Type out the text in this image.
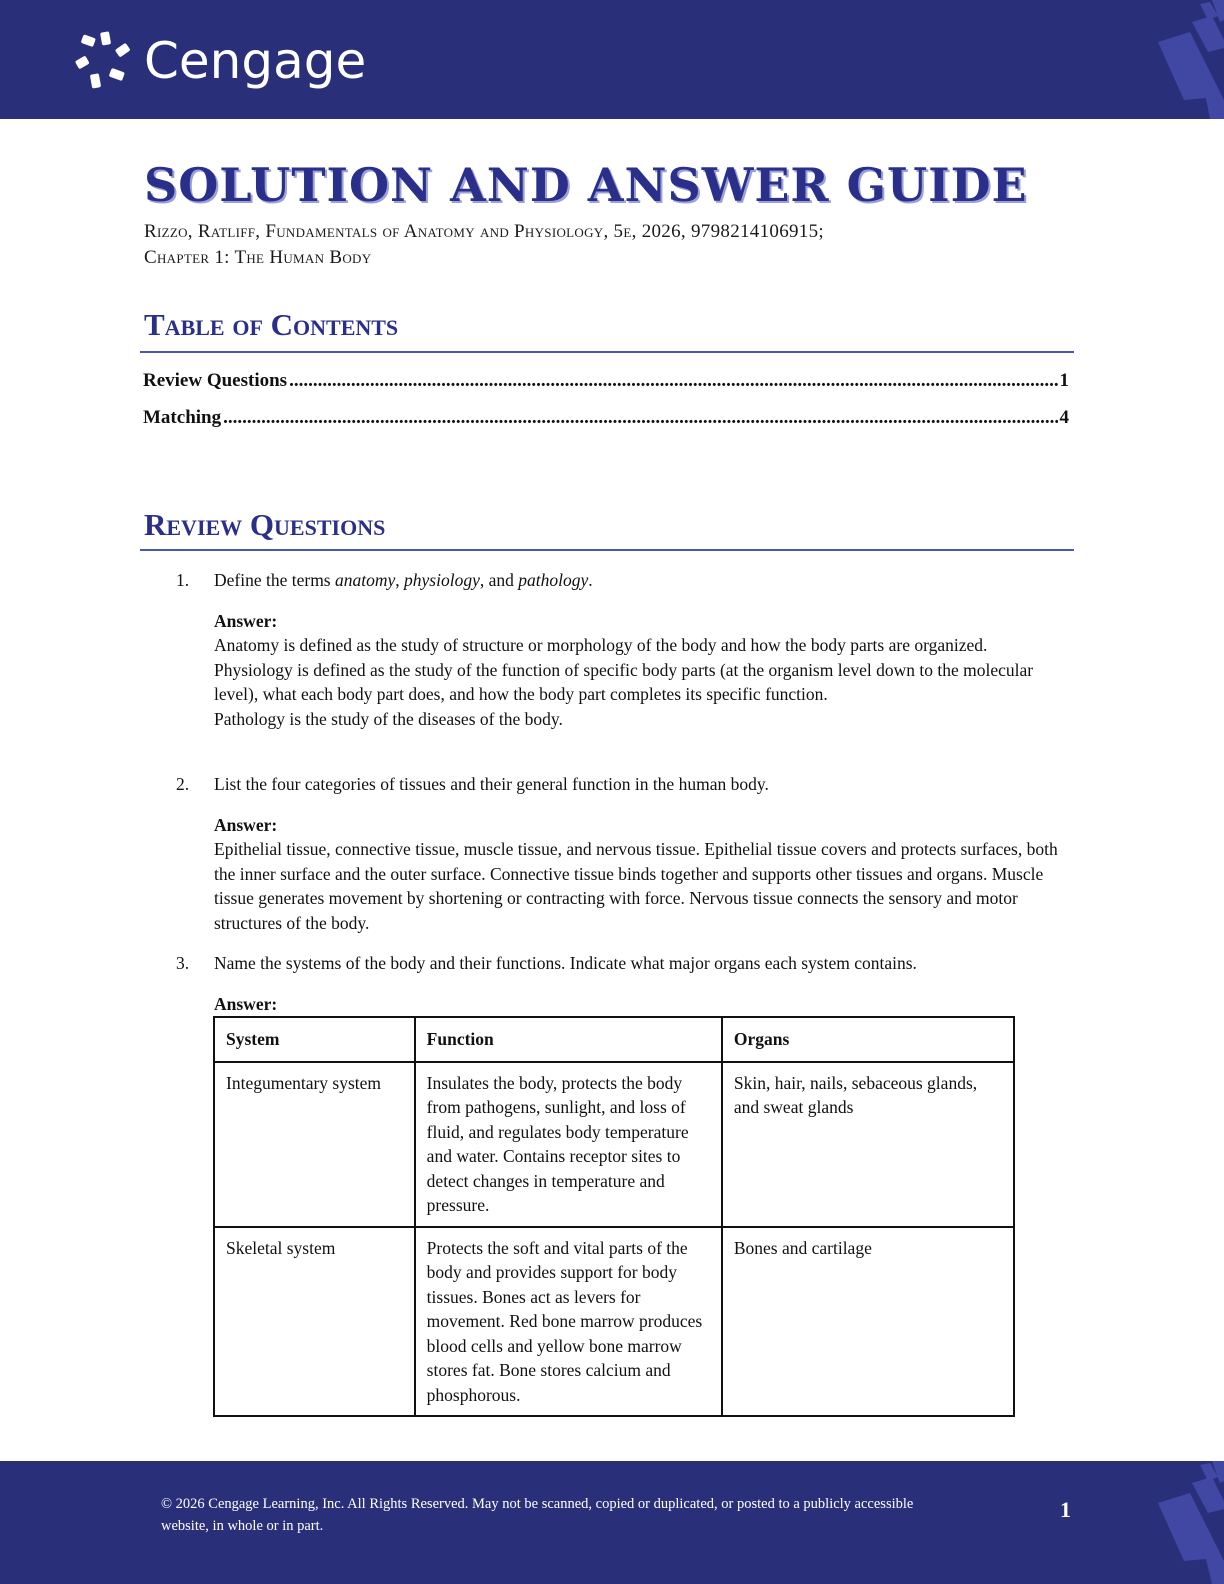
Cengage
SOLUTION AND ANSWER GUIDE
Rizzo, Ratliff, Fundamentals of Anatomy and Physiology, 5e, 2026, 9798214106915;
Chapter 1: The Human Body
Table of Contents
Review Questions .....	1
Matching .....	4
Review Questions
1. Define the terms anatomy, physiology, and pathology.
Answer:

Anatomy is defined as the study of structure or morphology of the body and how the body parts are organized.

Physiology is defined as the study of the function of specific body parts (at the organism level down to the molecular level), what each body part does, and how the body part completes its specific function.

Pathology is the study of the diseases of the body.

2. List the four categories of tissues and their general function in the human body.
Answer:

Epithelial tissue, connective tissue, muscle tissue, and nervous tissue. Epithelial tissue covers and protects surfaces, both the inner surface and the outer surface. Connective tissue binds together and supports other tissues and organs. Muscle tissue generates movement by shortening or contracting with force. Nervous tissue connects the sensory and motor structures of the body.

3. Name the systems of the body and their functions. Indicate what major organs each system contains.
Answer:
System	Function	Organs
Integumentary system	Insulates the body, protects the body from pathogens, sunlight, and loss of fluid, and regulates body temperature and water. Contains receptor sites to detect changes in temperature and pressure.	Skin, hair, nails, sebaceous glands, and sweat glands
Skeletal system	Protects the soft and vital parts of the body and provides support for body tissues. Bones act as levers for movement. Red bone marrow produces blood cells and yellow bone marrow stores fat. Bone stores calcium and phosphorous.	Bones and cartilage
© 2026 Cengage Learning, Inc. All Rights Reserved. May not be scanned, copied or duplicated, or posted to a publicly accessible website, in whole or in part.
1
